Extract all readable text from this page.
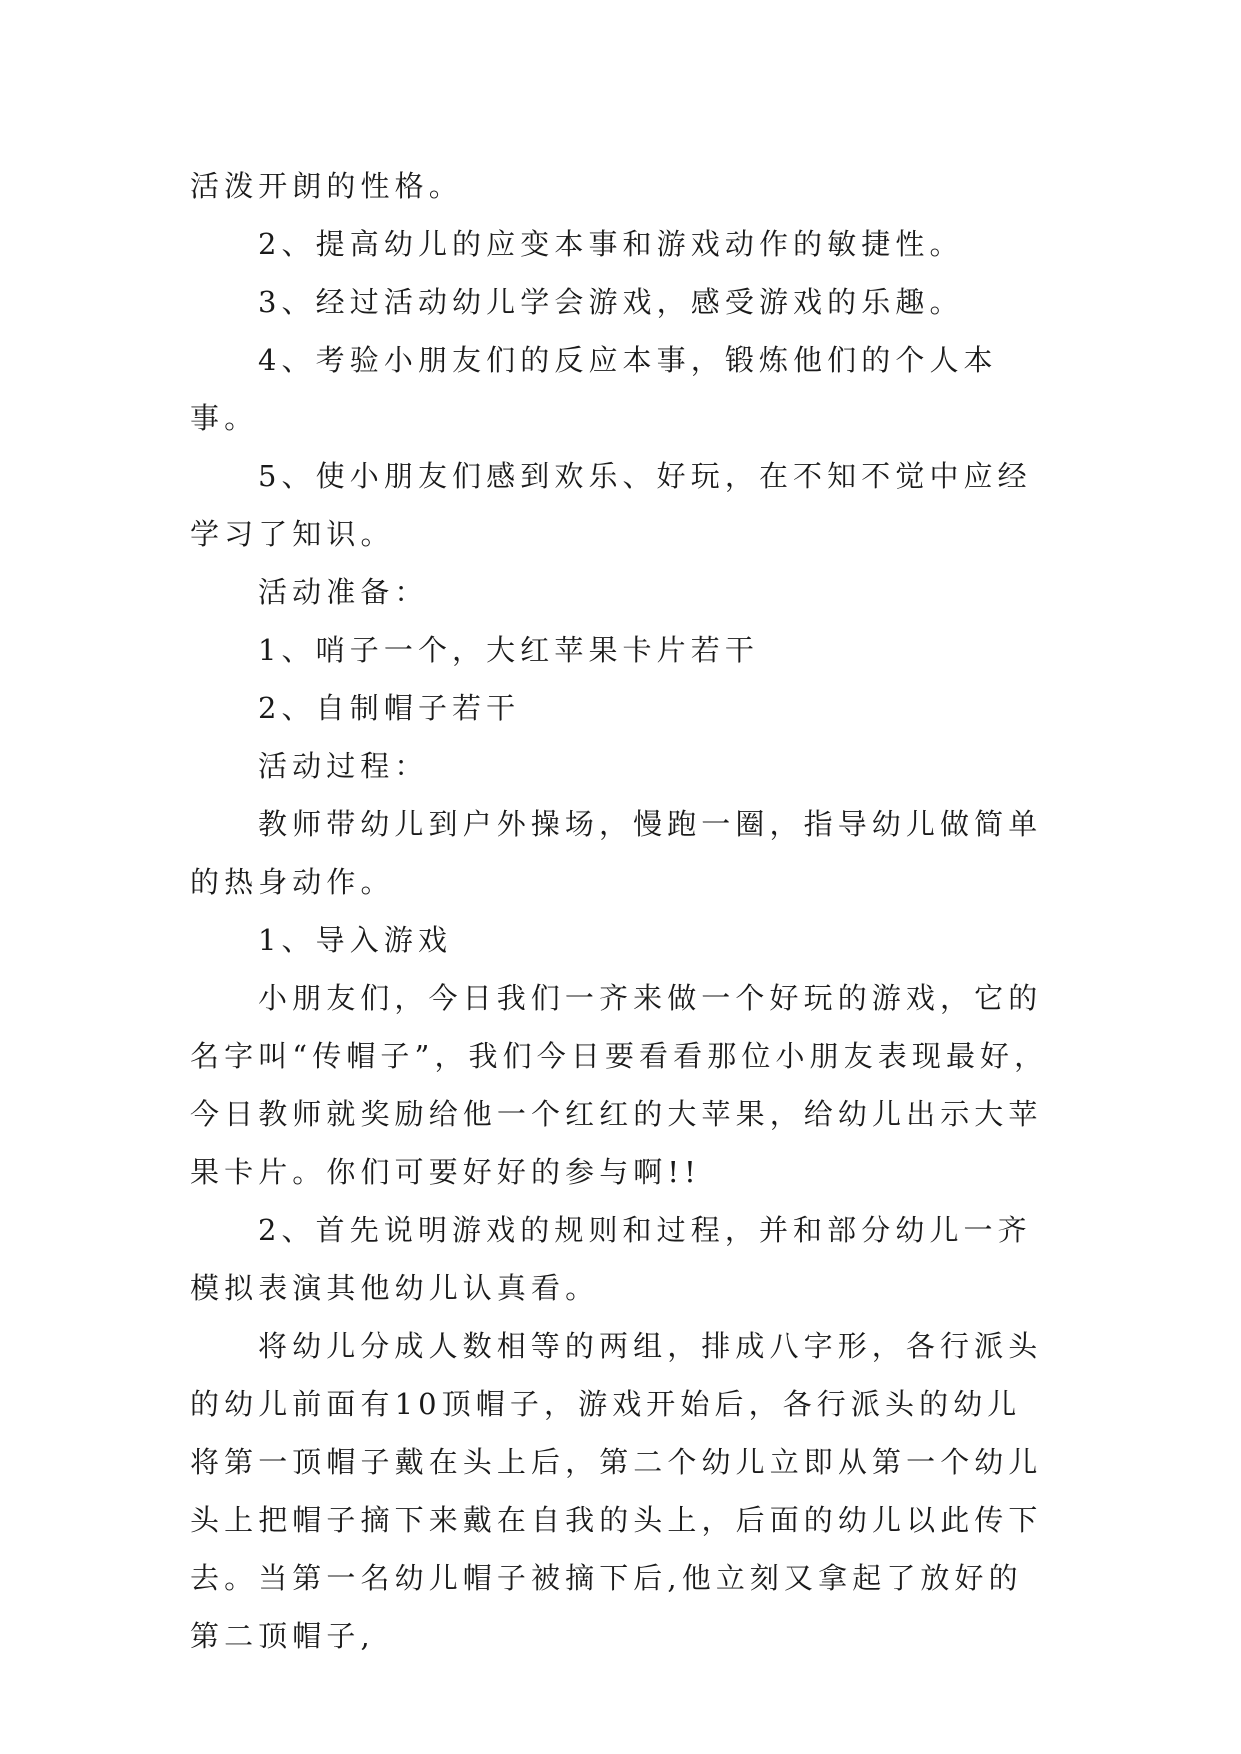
活泼开朗的性格。

2、提高幼儿的应变本事和游戏动作的敏捷性。

3、经过活动幼儿学会游戏，感受游戏的乐趣。

4、考验小朋友们的反应本事，锻炼他们的个人本事。

5、使小朋友们感到欢乐、好玩，在不知不觉中应经学习了知识。

活动准备：

1、哨子一个，大红苹果卡片若干

2、自制帽子若干

活动过程：

教师带幼儿到户外操场，慢跑一圈，指导幼儿做简单的热身动作。

1、导入游戏

小朋友们，今日我们一齐来做一个好玩的游戏，它的名字叫“传帽子”，我们今日要看看那位小朋友表现最好，今日教师就奖励给他一个红红的大苹果，给幼儿出示大苹果卡片。你们可要好好的参与啊!!

2、首先说明游戏的规则和过程，并和部分幼儿一齐模拟表演其他幼儿认真看。

将幼儿分成人数相等的两组，排成八字形，各行派头的幼儿前面有10顶帽子，游戏开始后，各行派头的幼儿将第一顶帽子戴在头上后，第二个幼儿立即从第一个幼儿头上把帽子摘下来戴在自我的头上，后面的幼儿以此传下去。当第一名幼儿帽子被摘下后,他立刻又拿起了放好的第二顶帽子,
